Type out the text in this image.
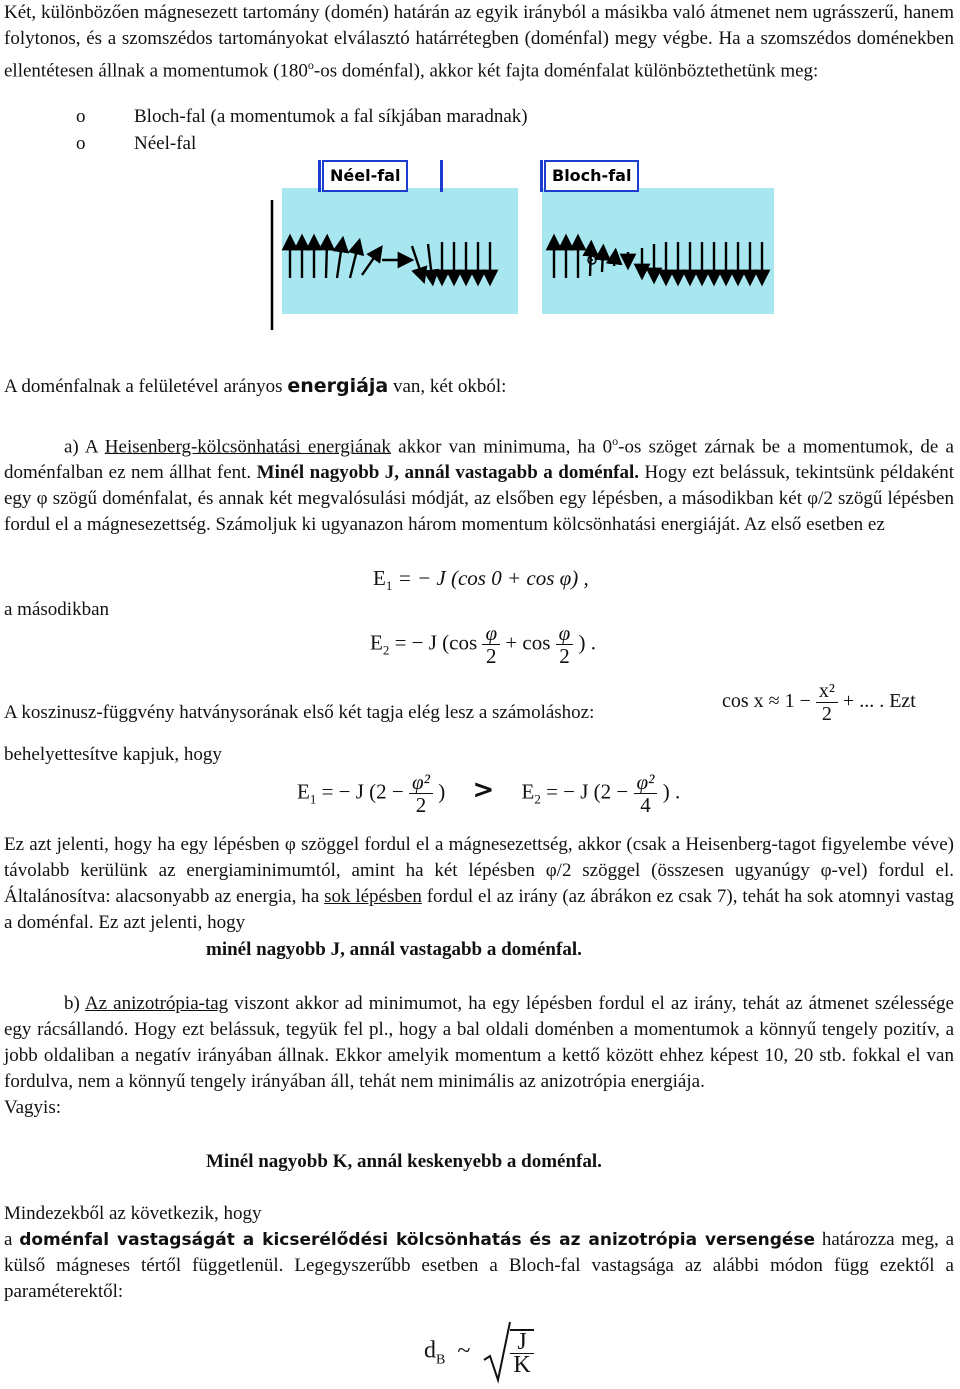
Két, különbözően mágnesezett tartomány (domén) határán az egyik irányból a másikba való átmenet nem ugrásszerű, hanem folytonos, és a szomszédos tartományokat elválasztó határrétegben (doménfal) megy végbe. Ha a szomszédos doménekben ellentétesen állnak a momentumok (180$^o$-os doménfal), akkor két fajta doménfalat különböztethetünk meg:

o	Bloch-fal (a momentumok a fal síkjában maradnak)
o	Néel-fal
Néel-fal	Bloch-fal

A doménfalnak a felületével arányos energiája van, két okból:

a) A Heisenberg-kölcsönhatási energiának akkor van minimuma, ha 0$^o$-os szöget zárnak be a momentumok, de a doménfalban ez nem állhat fent. Minél nagyobb J, annál vastagabb a doménfal. Hogy ezt belássuk, tekintsünk példaként egy φ szögű doménfalat, és annak két megvalósulási módját, az elsőben egy lépésben, a másodikban két φ/2 szögű lépésben fordul el a mágnesezettség. Számoljuk ki ugyanazon három momentum kölcsönhatási energiáját. Az első esetben ez

$E_1$ = − J (cos 0 + cos φ) ,
a másodikban
$E_2$ = − J ($\cos \frac{\varphi}{2} + \cos \frac{\varphi}{2}$ ) .
A koszinusz-függvény hatványsorának első két tagja elég lesz a számoláshoz:
$\cos x \approx 1 - \frac{\text{x²}}{2}$ + ... . Ezt
behelyettesítve kapjuk, hogy
$E_1$ = − J ($2 - \frac{\text{φ²}}{2}$ ) > $E_2$ = − J ($2 - \frac{\text{φ²}}{4}$ ) .

Ez azt jelenti, hogy ha egy lépésben φ szöggel fordul el a mágnesezettség, akkor (csak a Heisenberg-tagot figyelembe véve) távolabb kerülünk az energiaminimumtól, amint ha két lépésben φ/2 szöggel (összesen ugyanúgy φ-vel) fordul el. Általánosítva: alacsonyabb az energia, ha sok lépésben fordul el az irány (az ábrákon ez csak 7), tehát ha sok atomnyi vastag a doménfal. Ez azt jelenti, hogy

minél nagyobb J, annál vastagabb a doménfal.

b) Az anizotrópia-tag viszont akkor ad minimumot, ha egy lépésben fordul el az irány, tehát az átmenet szélessége egy rácsállandó. Hogy ezt belássuk, tegyük fel pl., hogy a bal oldali doménben a momentumok a könnyű tengely pozitív, a jobb oldaliban a negatív irányában állnak. Ekkor amelyik momentum a kettő között ehhez képest 10, 20 stb. fokkal el van fordulva, nem a könnyű tengely irányában áll, tehát nem minimális az anizotrópia energiája.

Vagyis:

Minél nagyobb K, annál keskenyebb a doménfal.

Mindezekből az következik, hogy

a doménfal vastagságát a kicserélődési kölcsönhatás és az anizotrópia versengése határozza meg, a külső mágneses tértől függetlenül. Legegyszerűbb esetben a Bloch-fal vastagsága az alábbi módon függ ezektől a paraméterektől:

$d_B$ ~ $\frac{J}{K}$
